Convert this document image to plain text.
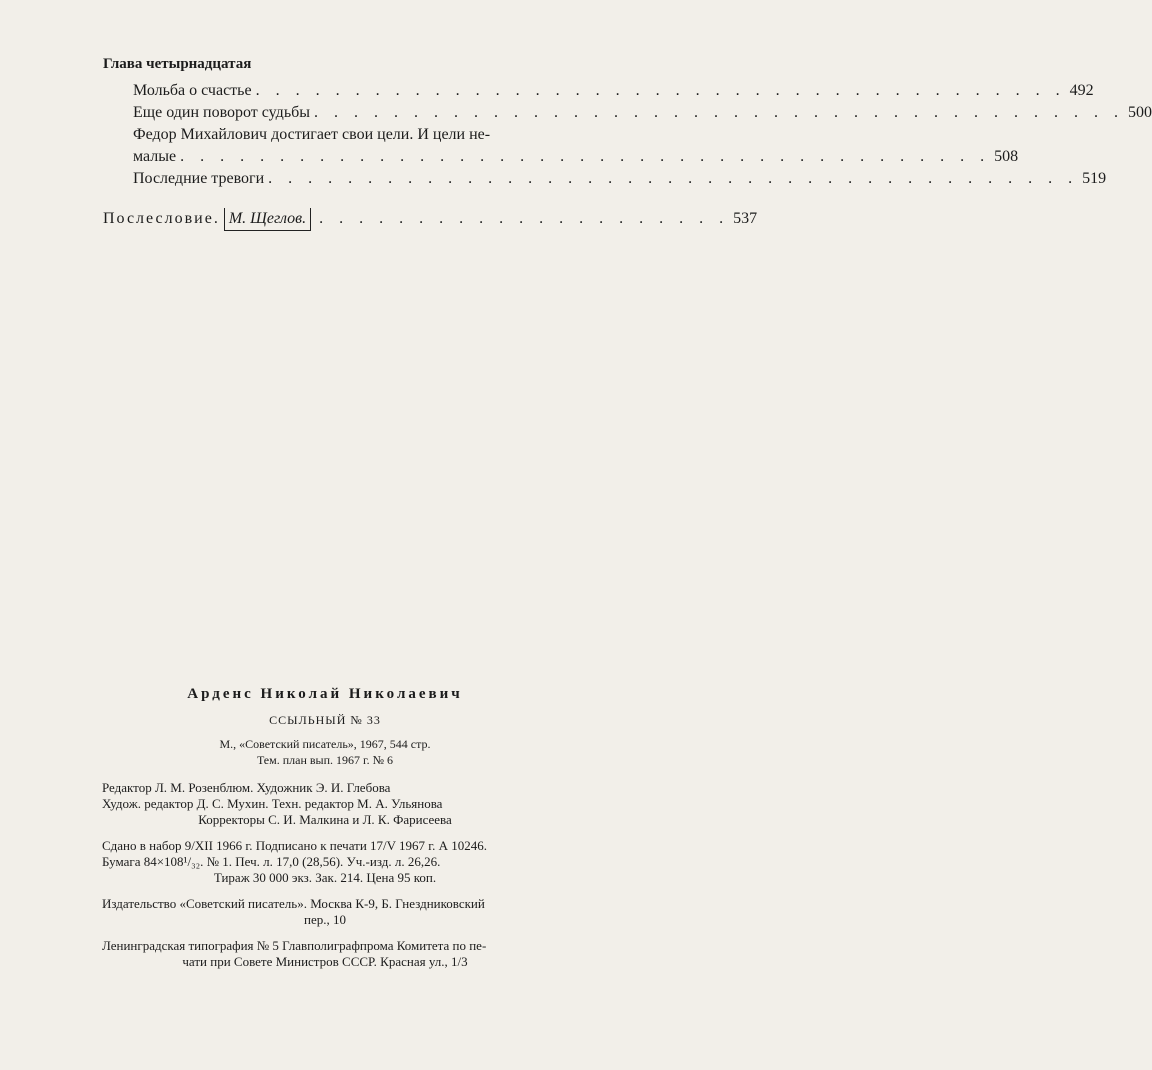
Глава четырнадцатая
Мольба о счастье . . .	492
Еще один поворот судьбы . . .	500
Федор Михайлович достигает свои цели. И цели не-
малые . . .	508
Последние тревоги . . .	519
Послесловие. М. Щеглов. . . . . . . . . . . . . . . . . . . . . . 537
Арденс Николай Николаевич
ССЫЛЬНЫЙ № 33
М., «Советский писатель», 1967, 544 стр.
Тем. план вып. 1967 г. № 6
Редактор Л. М. Розенблюм. Художник Э. И. Глебова
Худож. редактор Д. С. Мухин. Техн. редактор М. А. Ульянова
Корректоры С. И. Малкина и Л. К. Фарисеева
Сдано в набор 9/XII 1966 г. Подписано к печати 17/V 1967 г. А 10246.
Бумага 84×108¹/₃₂. № 1. Печ. л. 17,0 (28,56). Уч.-изд. л. 26,26.
Тираж 30 000 экз. Зак. 214. Цена 95 коп.
Издательство «Советский писатель». Москва К-9, Б. Гнездниковский
пер., 10
Ленинградская типография № 5 Главполиграфпрома Комитета по пе-
чати при Совете Министров СССР. Красная ул., 1/3
